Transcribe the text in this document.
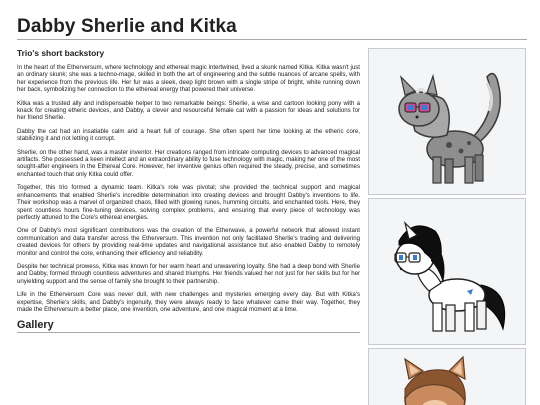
Dabby Sherlie and Kitka
Trio's short backstory

In the heart of the Etherversum, where technology and ethereal magic intertwined, lived a skunk named Kitka. Kitka wasn't just an ordinary skunk; she was a techno-mage, skilled in both the art of engineering and the subtle nuances of arcane spells, with her experience from the previous life. Her fur was a sleek, deep light brown with a single stripe of bright, white running down her back, symbolizing her connection to the ethereal energy that powered their universe.

Kitka was a trusted ally and indispensable helper to two remarkable beings: Sherlie, a wise and cartoon looking pony with a knack for creating etheric devices, and Dabby, a clever and resourceful female cat with a passion for ideas and solutions for her friend Sherlie.

Dabby the cat had an insatiable calm and a heart full of courage. She often spent her time looking at the etheric core, stabilizing it and not letting it corrupt.

Sherlie, on the other hand, was a master inventor. Her creations ranged from intricate computing devices to advanced magical artifacts. She possessed a keen intellect and an extraordinary ability to fuse technology with magic, making her one of the most sought-after engineers in the Ethereal Core. However, her inventive genius often required the steady, precise, and sometimes enchanted touch that only Kitka could offer.

Together, this trio formed a dynamic team. Kitka's role was pivotal; she provided the technical support and magical enhancements that enabled Sherlie's incredible determination into creating devices and brought Dabby's inventions to life. Their workshop was a marvel of organized chaos, filled with glowing runes, humming circuits, and enchanted tools. Here, they spent countless hours fine-tuning devices, solving complex problems, and ensuring that every piece of technology was perfectly attuned to the Core's ethereal energies.

One of Dabby's most significant contributions was the creation of the Etherwave, a powerful network that allowed instant communication and data transfer across the Etherversum. This invention not only facilitated Sherlie's trading and delivering created devices for others by providing real-time updates and navigational assistance but also enabled Dabby to remotely monitor and control the core, enhancing their efficiency and reliability.

Despite her technical prowess, Kitka was known for her warm heart and unwavering loyalty. She had a deep bond with Sherlie and Dabby, formed through countless adventures and shared triumphs. Her friends valued her not just for her skills but for her unyielding support and the sense of family she brought to their partnership.

Life in the Etherversum Core was never dull, with new challenges and mysteries emerging every day. But with Kitka's expertise, Sherlie's skills, and Dabby's ingenuity, they were always ready to face whatever came their way. Together, they made the Etherversum a better place, one invention, one adventure, and one magical moment at a time.

Gallery
